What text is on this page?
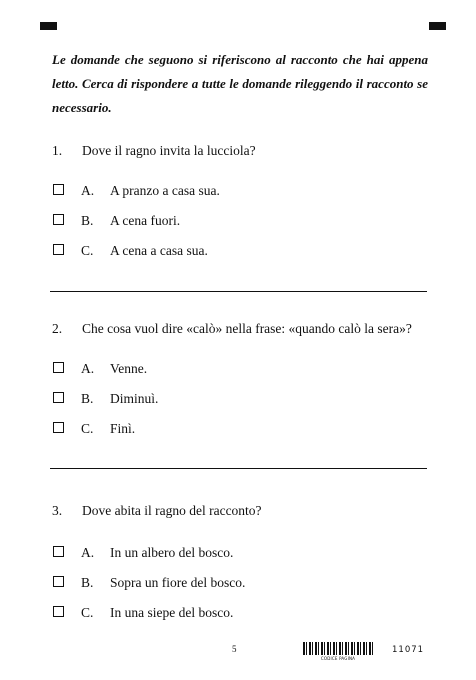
Le domande che seguono si riferiscono al racconto che hai appena letto. Cerca di rispondere a tutte le domande rileggendo il racconto se necessario.
1. Dove il ragno invita la lucciola?
A. A pranzo a casa sua.
B. A cena fuori.
C. A cena a casa sua.
2. Che cosa vuol dire «calò» nella frase: «quando calò la sera»?
A. Venne.
B. Diminuì.
C. Finì.
3. Dove abita il ragno del racconto?
A. In un albero del bosco.
B. Sopra un fiore del bosco.
C. In una siepe del bosco.
5
CODICE PAGINA
11071
